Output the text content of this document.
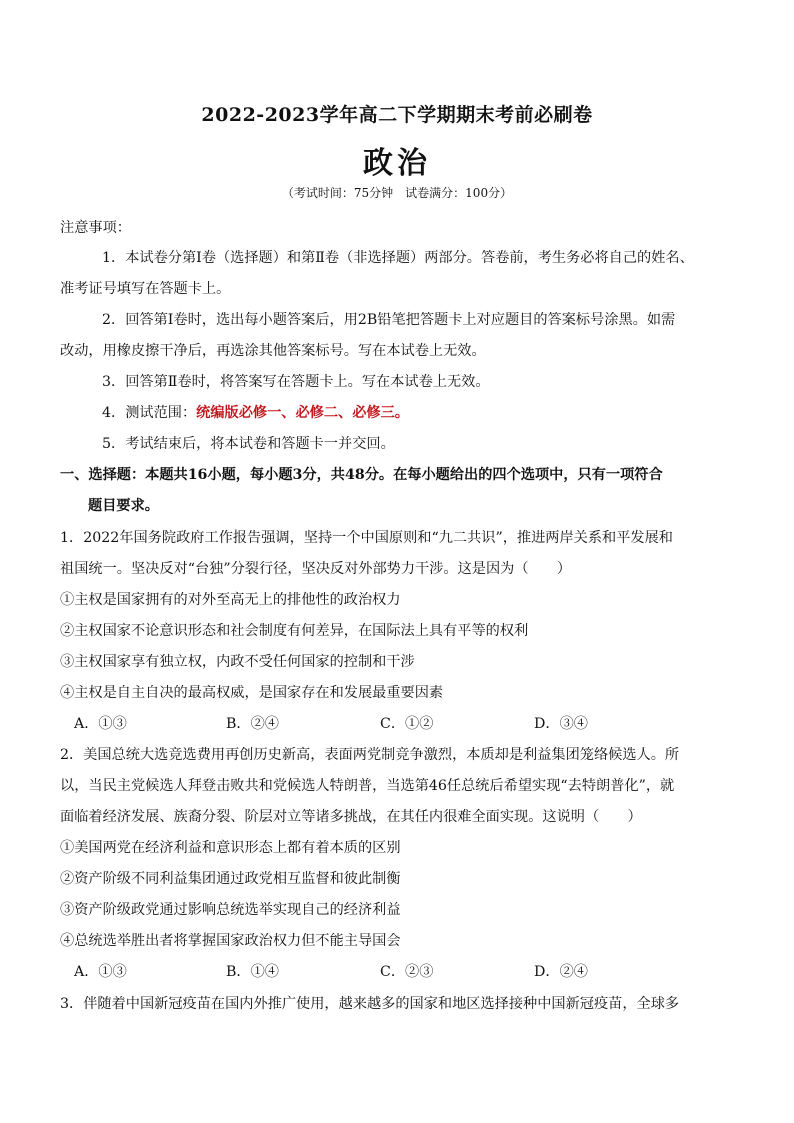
2022-2023学年高二下学期期末考前必刷卷
政治
（考试时间：75分钟　试卷满分：100分）
注意事项：
1．本试卷分第Ⅰ卷（选择题）和第Ⅱ卷（非选择题）两部分。答卷前，考生务必将自己的姓名、
准考证号填写在答题卡上。
2．回答第Ⅰ卷时，选出每小题答案后，用2B铅笔把答题卡上对应题目的答案标号涂黑。如需
改动，用橡皮擦干净后，再选涂其他答案标号。写在本试卷上无效。
3．回答第Ⅱ卷时，将答案写在答题卡上。写在本试卷上无效。
4．测试范围：统编版必修一、必修二、必修三。
5．考试结束后，将本试卷和答题卡一并交回。
一、选择题：本题共16小题，每小题3分，共48分。在每小题给出的四个选项中，只有一项符合
题目要求。
1．2022年国务院政府工作报告强调，坚持一个中国原则和“九二共识”，推进两岸关系和平发展和
祖国统一。坚决反对“台独”分裂行径，坚决反对外部势力干涉。这是因为（　　）
①主权是国家拥有的对外至高无上的排他性的政治权力
②主权国家不论意识形态和社会制度有何差异，在国际法上具有平等的权利
③主权国家享有独立权，内政不受任何国家的控制和干涉
④主权是自主自决的最高权威，是国家存在和发展最重要因素
A．①③	B．②④	C．①②	D．③④
2．美国总统大选竞选费用再创历史新高，表面两党制竞争激烈，本质却是利益集团笼络候选人。所
以，当民主党候选人拜登击败共和党候选人特朗普，当选第46任总统后希望实现“去特朗普化”，就
面临着经济发展、族裔分裂、阶层对立等诸多挑战，在其任内很难全面实现。这说明（　　）
①美国两党在经济利益和意识形态上都有着本质的区别
②资产阶级不同利益集团通过政党相互监督和彼此制衡
③资产阶级政党通过影响总统选举实现自己的经济利益
④总统选举胜出者将掌握国家政治权力但不能主导国会
A．①③	B．①④	C．②③	D．②④
3．伴随着中国新冠疫苗在国内外推广使用，越来越多的国家和地区选择接种中国新冠疫苗，全球多
